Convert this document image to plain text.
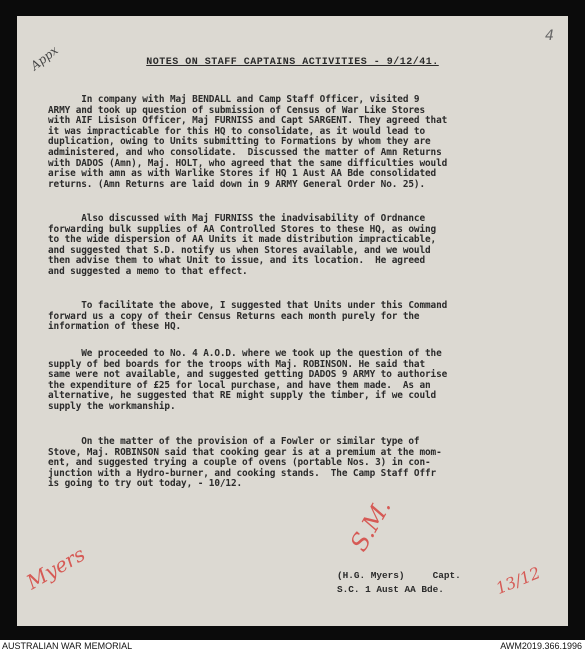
4
Appx	NOTES ON STAFF CAPTAINS ACTIVITIES - 9/12/41.
In company with Maj BENDALL and Camp Staff Officer, visited 9
ARMY and took up question of submission of Census of War Like Stores
with AIF Lisison Officer, Maj FURNISS and Capt SARGENT. They agreed that
it was impracticable for this HQ to consolidate, as it would lead to
duplication, owing to Units submitting to Formations by whom they are
administered, and who consolidate.  Discussed the matter of Amn Returns
with DADOS (Amn), Maj. HOLT, who agreed that the same difficulties would
arise with amn as with Warlike Stores if HQ 1 Aust AA Bde consolidated
returns. (Amn Returns are laid down in 9 ARMY General Order No. 25).
Also discussed with Maj FURNISS the inadvisability of Ordnance
forwarding bulk supplies of AA Controlled Stores to these HQ, as owing
to the wide dispersion of AA Units it made distribution impracticable,
and suggested that S.D. notify us when Stores available, and we would
then advise them to what Unit to issue, and its location.  He agreed
and suggested a memo to that effect.
To facilitate the above, I suggested that Units under this Command
forward us a copy of their Census Returns each month purely for the
information of these HQ.
We proceeded to No. 4 A.O.D. where we took up the question of the
supply of bed boards for the troops with Maj. ROBINSON. He said that
same were not available, and suggested getting DADOS 9 ARMY to authorise
the expenditure of £25 for local purchase, and have them made.  As an
alternative, he suggested that RE might supply the timber, if we could
supply the workmanship.
On the matter of the provision of a Fowler or similar type of
Stove, Maj. ROBINSON said that cooking gear is at a premium at the mom-
ent, and suggested trying a couple of ovens (portable Nos. 3) in con-
junction with a Hydro-burner, and cooking stands.  The Camp Staff Offr
is going to try out today, - 10/12.
Myers
S.M.
13/12
(H.G. Myers)     Capt.
S.C. 1 Aust AA Bde.
AUSTRALIAN WAR MEMORIAL	AWM2019.366.1996
